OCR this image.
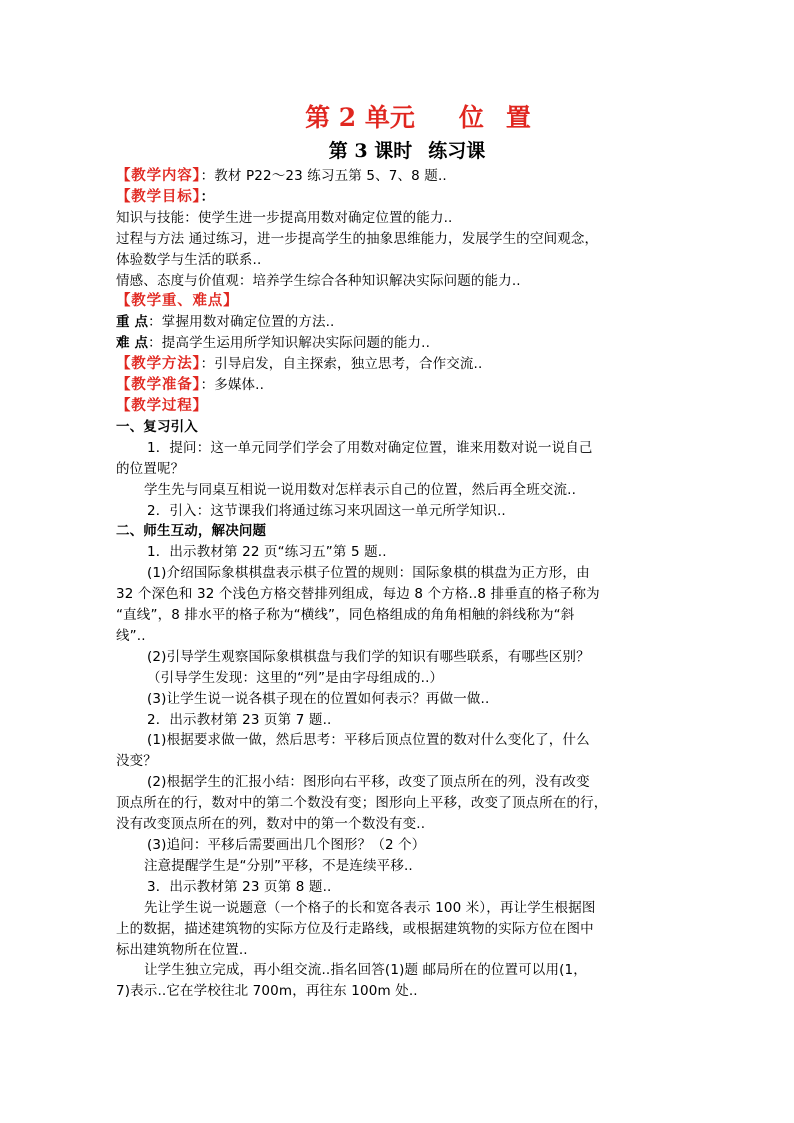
第 2 单元 位 置
第 3 课时 练习课
【教学内容】：教材 P22～23 练习五第 5、7、8 题..
【教学目标】：
知识与技能：使学生进一步提高用数对确定位置的能力..
过程与方法 通过练习，进一步提高学生的抽象思维能力，发展学生的空间观念，
体验数学与生活的联系..
情感、态度与价值观：培养学生综合各种知识解决实际问题的能力..
【教学重、难点】
重 点：掌握用数对确定位置的方法..
难 点：提高学生运用所学知识解决实际问题的能力..
【教学方法】：引导启发，自主探索，独立思考，合作交流..
【教学准备】：多媒体..
【教学过程】
一、复习引入
1．提问：这一单元同学们学会了用数对确定位置，谁来用数对说一说自己
的位置呢？
学生先与同桌互相说一说用数对怎样表示自己的位置，然后再全班交流..
2．引入：这节课我们将通过练习来巩固这一单元所学知识..
二、师生互动，解决问题
1．出示教材第 22 页“练习五”第 5 题..
(1)介绍国际象棋棋盘表示棋子位置的规则：国际象棋的棋盘为正方形，由
32 个深色和 32 个浅色方格交替排列组成，每边 8 个方格..8 排垂直的格子称为
“直线”，8 排水平的格子称为“横线”，同色格组成的角角相触的斜线称为“斜
线”..
(2)引导学生观察国际象棋棋盘与我们学的知识有哪些联系，有哪些区别？
（引导学生发现：这里的“列”是由字母组成的..）
(3)让学生说一说各棋子现在的位置如何表示？再做一做..
2．出示教材第 23 页第 7 题..
(1)根据要求做一做，然后思考：平移后顶点位置的数对什么变化了，什么
没变？
(2)根据学生的汇报小结：图形向右平移，改变了顶点所在的列，没有改变
顶点所在的行，数对中的第二个数没有变；图形向上平移，改变了顶点所在的行，
没有改变顶点所在的列，数对中的第一个数没有变..
(3)追问：平移后需要画出几个图形？（2 个）
注意提醒学生是“分别”平移，不是连续平移..
3．出示教材第 23 页第 8 题..
先让学生说一说题意（一个格子的长和宽各表示 100 米），再让学生根据图
上的数据，描述建筑物的实际方位及行走路线，或根据建筑物的实际方位在图中
标出建筑物所在位置..
让学生独立完成，再小组交流..指名回答(1)题 邮局所在的位置可以用(1，
7)表示..它在学校往北 700m，再往东 100m 处..
